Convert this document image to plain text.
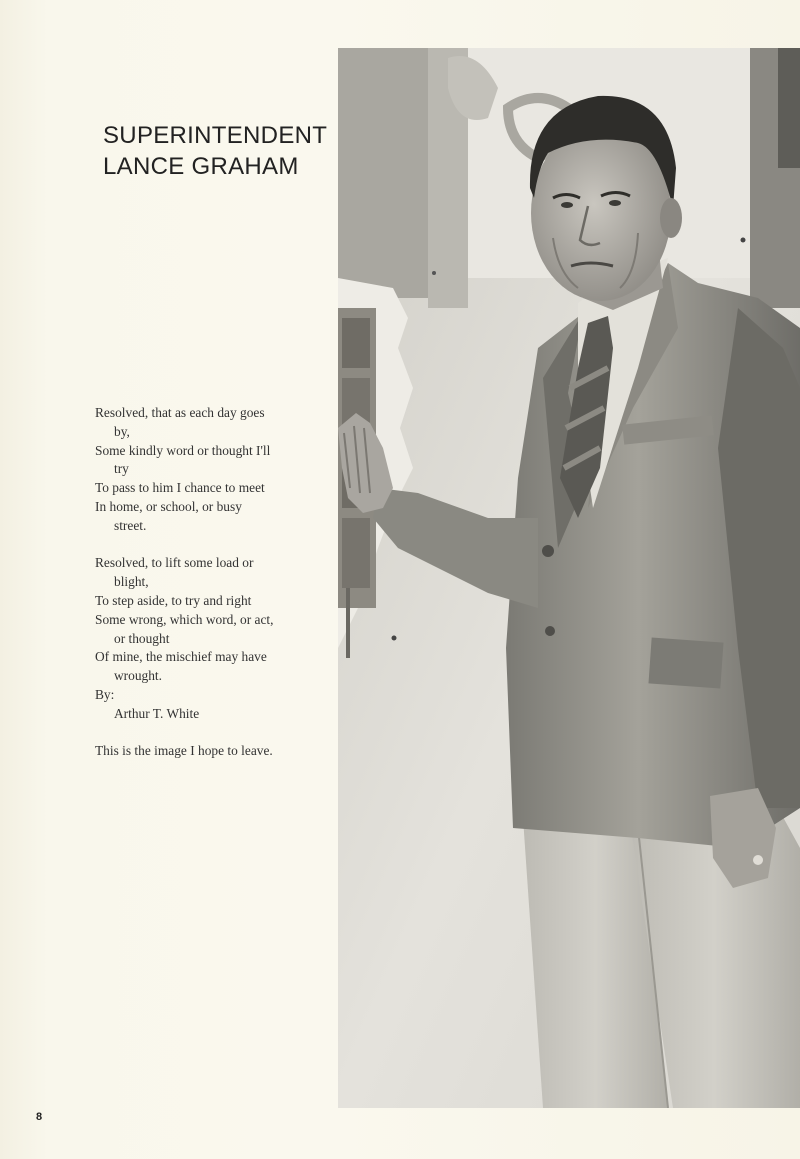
SUPERINTENDENT
LANCE GRAHAM
Resolved, that as each day goes
by,
Some kindly word or thought I'll
try
To pass to him I chance to meet
In home, or school, or busy
street.
Resolved, to lift some load or
blight,
To step aside, to try and right
Some wrong, which word, or act,
or thought
Of mine, the mischief may have
wrought.
By:
Arthur T. White
This is the image I hope to leave.
8
